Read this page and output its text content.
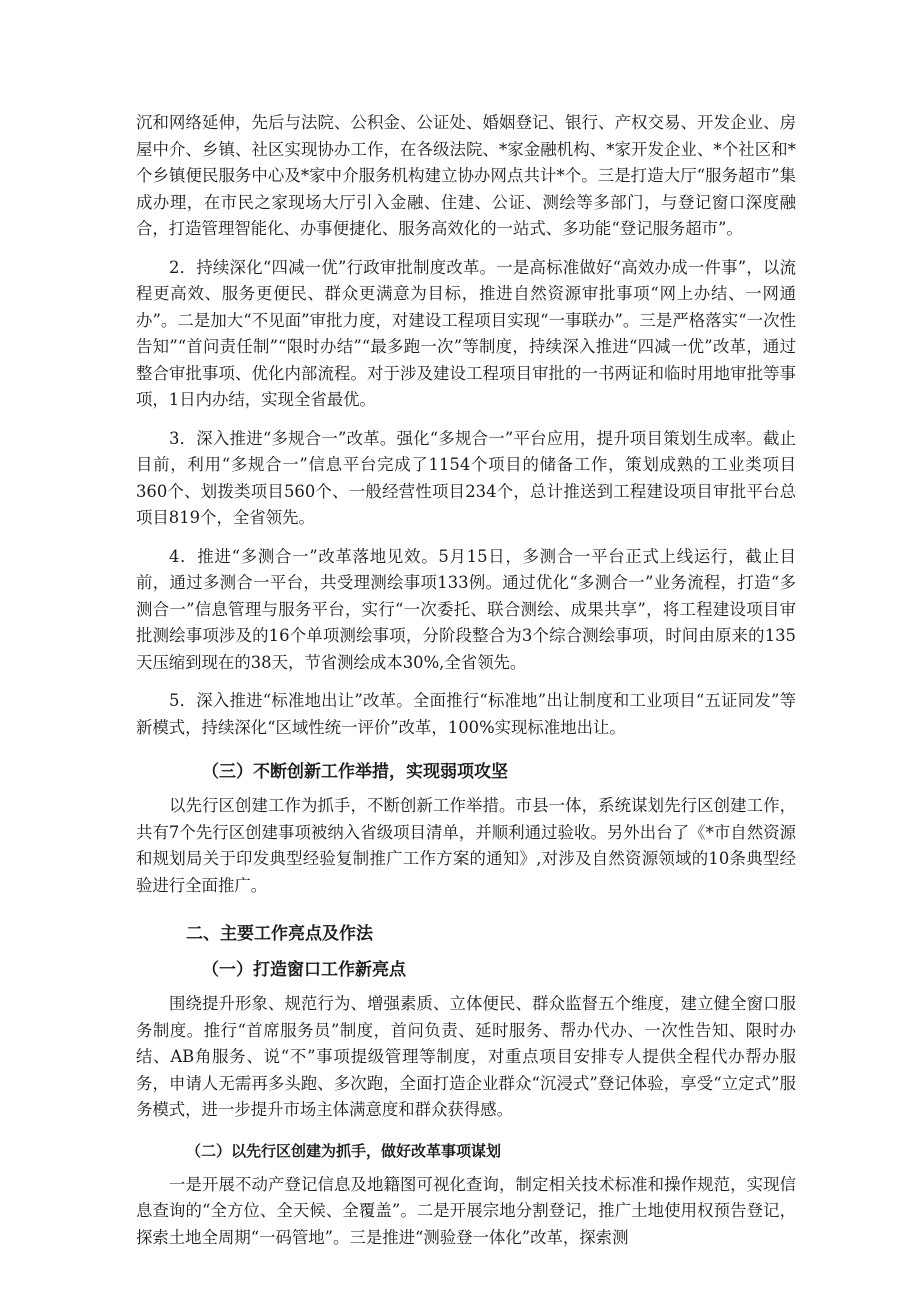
沉和网络延伸，先后与法院、公积金、公证处、婚姻登记、银行、产权交易、开发企业、房屋中介、乡镇、社区实现协办工作，在各级法院、*家金融机构、*家开发企业、*个社区和*个乡镇便民服务中心及*家中介服务机构建立协办网点共计*个。三是打造大厅“服务超市”集成办理，在市民之家现场大厅引入金融、住建、公证、测绘等多部门，与登记窗口深度融合，打造管理智能化、办事便捷化、服务高效化的一站式、多功能“登记服务超市”。

2．持续深化“四减一优”行政审批制度改革。一是高标准做好“高效办成一件事”，以流程更高效、服务更便民、群众更满意为目标，推进自然资源审批事项“网上办结、一网通办”。二是加大“不见面”审批力度，对建设工程项目实现“一事联办”。三是严格落实“一次性告知”“首问责任制”“限时办结”“最多跑一次”等制度，持续深入推进“四减一优”改革，通过整合审批事项、优化内部流程。对于涉及建设工程项目审批的一书两证和临时用地审批等事项，1日内办结，实现全省最优。

3．深入推进“多规合一”改革。强化“多规合一”平台应用，提升项目策划生成率。截止目前，利用“多规合一”信息平台完成了1154个项目的储备工作，策划成熟的工业类项目360个、划拨类项目560个、一般经营性项目234个，总计推送到工程建设项目审批平台总项目819个，全省领先。

4．推进“多测合一”改革落地见效。5月15日，多测合一平台正式上线运行，截止目前，通过多测合一平台，共受理测绘事项133例。通过优化“多测合一”业务流程，打造“多测合一”信息管理与服务平台，实行“一次委托、联合测绘、成果共享”，将工程建设项目审批测绘事项涉及的16个单项测绘事项，分阶段整合为3个综合测绘事项，时间由原来的135天压缩到现在的38天，节省测绘成本30%,全省领先。

5．深入推进“标准地出让”改革。全面推行“标准地”出让制度和工业项目“五证同发”等新模式，持续深化“区域性统一评价”改革，100%实现标准地出让。

（三）不断创新工作举措，实现弱项攻坚

以先行区创建工作为抓手，不断创新工作举措。市县一体，系统谋划先行区创建工作，共有7个先行区创建事项被纳入省级项目清单，并顺利通过验收。另外出台了《*市自然资源和规划局关于印发典型经验复制推广工作方案的通知》,对涉及自然资源领域的10条典型经验进行全面推广。

二、主要工作亮点及作法
（一）打造窗口工作新亮点

围绕提升形象、规范行为、增强素质、立体便民、群众监督五个维度，建立健全窗口服务制度。推行“首席服务员”制度，首问负责、延时服务、帮办代办、一次性告知、限时办结、AB角服务、说“不”事项提级管理等制度，对重点项目安排专人提供全程代办帮办服务，申请人无需再多头跑、多次跑，全面打造企业群众“沉浸式”登记体验，享受“立定式”服务模式，进一步提升市场主体满意度和群众获得感。

（二）以先行区创建为抓手，做好改革事项谋划

一是开展不动产登记信息及地籍图可视化查询，制定相关技术标准和操作规范，实现信息查询的“全方位、全天候、全覆盖”。二是开展宗地分割登记，推广土地使用权预告登记，探索土地全周期“一码管地”。三是推进“测验登一体化”改革，探索测
